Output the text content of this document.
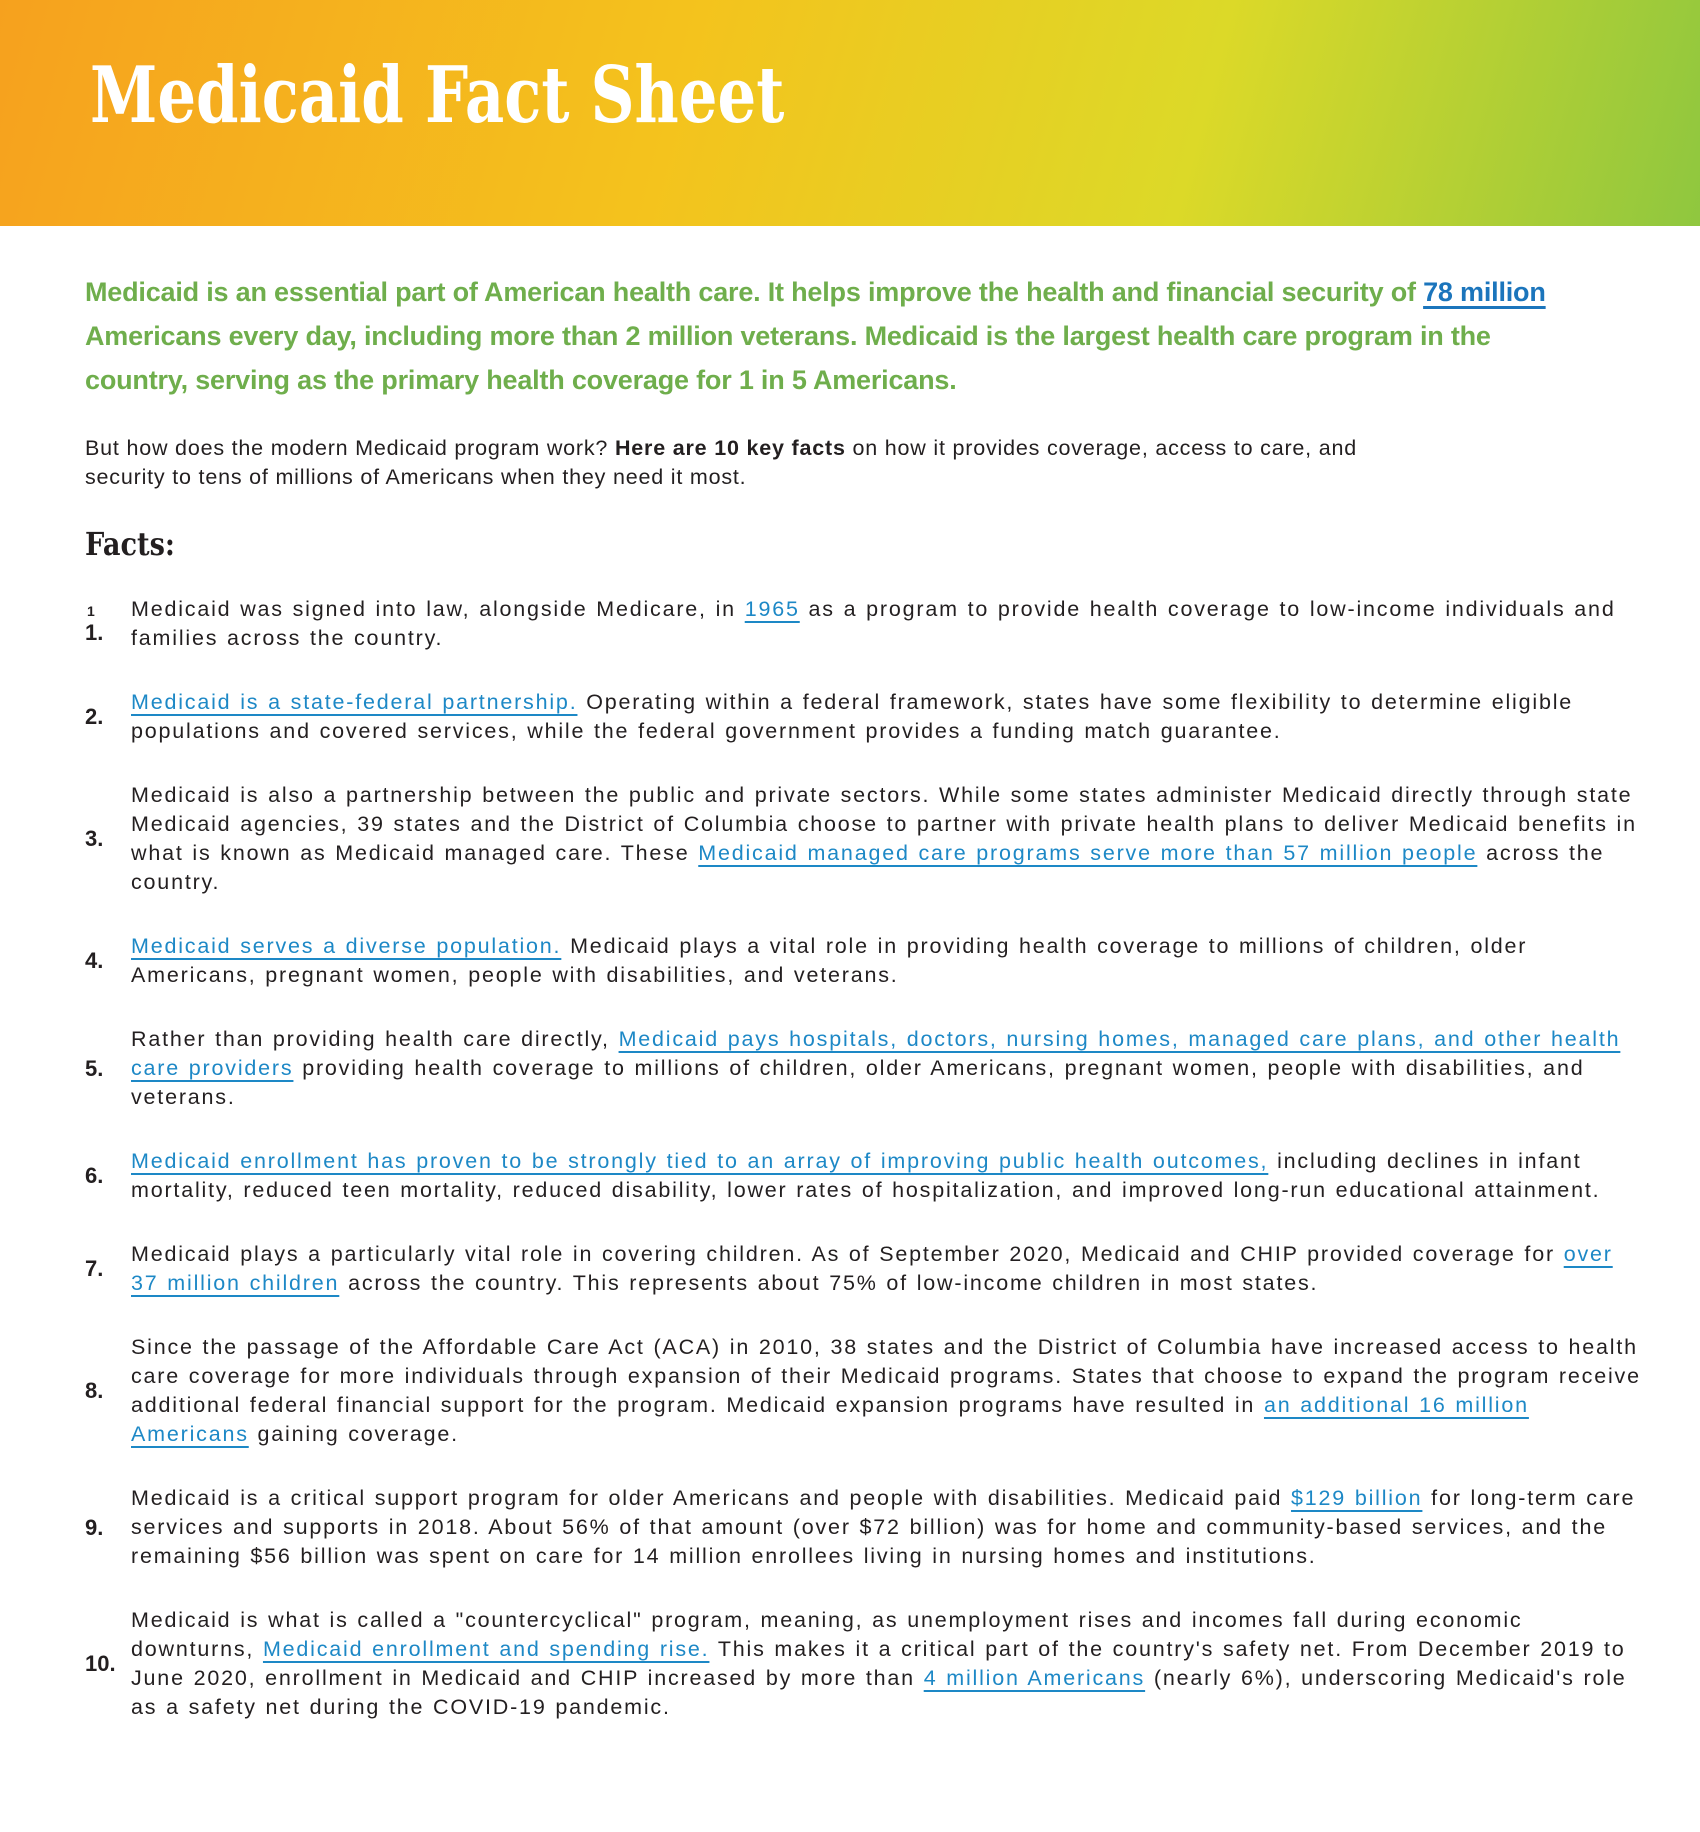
Medicaid Fact Sheet

Medicaid is an essential part of American health care. It helps improve the health and financial security of 78 million Americans every day, including more than 2 million veterans. Medicaid is the largest health care program in the country, serving as the primary health coverage for 1 in 5 Americans.

But how does the modern Medicaid program work? Here are 10 key facts on how it provides coverage, access to care, and security to tens of millions of Americans when they need it most.

Facts:
1
1.

Medicaid was signed into law, alongside Medicare, in 1965 as a program to provide health coverage to low-income individuals and families across the country.

2.

Medicaid is a state-federal partnership. Operating within a federal framework, states have some flexibility to determine eligible populations and covered services, while the federal government provides a funding match guarantee.

3.

Medicaid is also a partnership between the public and private sectors. While some states administer Medicaid directly through state Medicaid agencies, 39 states and the District of Columbia choose to partner with private health plans to deliver Medicaid benefits in what is known as Medicaid managed care. These Medicaid managed care programs serve more than 57 million people across the country.

4.

Medicaid serves a diverse population. Medicaid plays a vital role in providing health coverage to millions of children, older Americans, pregnant women, people with disabilities, and veterans.

5.

Rather than providing health care directly, Medicaid pays hospitals, doctors, nursing homes, managed care plans, and other health care providers providing health coverage to millions of children, older Americans, pregnant women, people with disabilities, and veterans.

6.

Medicaid enrollment has proven to be strongly tied to an array of improving public health outcomes, including declines in infant mortality, reduced teen mortality, reduced disability, lower rates of hospitalization, and improved long-run educational attainment.

7.

Medicaid plays a particularly vital role in covering children. As of September 2020, Medicaid and CHIP provided coverage for over 37 million children across the country. This represents about 75% of low-income children in most states.

8.

Since the passage of the Affordable Care Act (ACA) in 2010, 38 states and the District of Columbia have increased access to health care coverage for more individuals through expansion of their Medicaid programs. States that choose to expand the program receive additional federal financial support for the program. Medicaid expansion programs have resulted in an additional 16 million Americans gaining coverage.

9.

Medicaid is a critical support program for older Americans and people with disabilities. Medicaid paid $129 billion for long-term care services and supports in 2018. About 56% of that amount (over $72 billion) was for home and community-based services, and the remaining $56 billion was spent on care for 14 million enrollees living in nursing homes and institutions.

10.

Medicaid is what is called a "countercyclical" program, meaning, as unemployment rises and incomes fall during economic downturns, Medicaid enrollment and spending rise. This makes it a critical part of the country's safety net. From December 2019 to June 2020, enrollment in Medicaid and CHIP increased by more than 4 million Americans (nearly 6%), underscoring Medicaid's role as a safety net during the COVID-19 pandemic.
